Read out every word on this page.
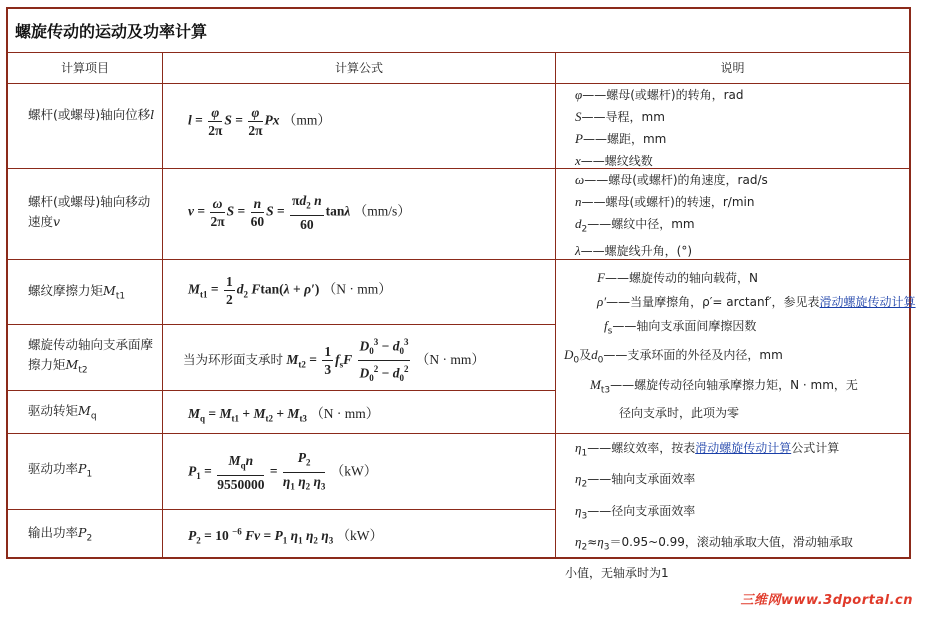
螺旋传动的运动及功率计算
计算项目	计算公式	说明
螺杆(或螺母)轴向位移l
螺杆(或螺母)轴向移动速度v
螺纹摩擦力矩$M_{t1}$
螺旋传动轴向支承面摩擦力矩$M_{t2}$
驱动转矩$M_q$
驱动功率$P_1$
输出功率$P_2$
$l = \frac{\varphi}{2\pi}$ $S = \frac{\varphi}{2\pi}$ Px （mm）
$v = \frac{\omega}{2\pi}$ $S = \frac{n}{60}$ $S = \frac{\pi d_2 n}{60}$ tanλ （mm/s）
$M_{t1} = \frac{1}{2} d_2$ Ftan(λ + ρ′) （N · mm）
当为环形面支承时 $M_{t2} = \frac{1}{3} f_sF \frac{D_0^3 - d_0^3}{D_0^2 - d_0^2} (N \cdot mm)$
$M_q = M_{t1} + M_{t2} + M_{t3}$ （N · mm）
$P_1 = \frac{M_qn}{9550000} = \frac{P_2}{\eta_1 \eta_2 \eta_3} (kW)$
$P_2 = 10$ $^{-6}$ $Fv = P_1$ $\eta_1$ $\eta_2$ $\eta_3$ （kW）
φ——螺母(或螺杆)的转角，rad
S——导程，mm
P——螺距，mm
x——螺纹线数
ω——螺母(或螺杆)的角速度，rad/s
n——螺母(或螺杆)的转速，r/min
$d_2——$螺纹中径，mm
λ——螺旋线升角，(°)
F——螺旋传动的轴向载荷，N
ρ′——当量摩擦角，ρ′= arctanf′，参见表滑动螺旋传动计算
$f_s——$轴向支承面间摩擦因数
$D_0$及$d_0——$支承环面的外径及内径，mm
$M_{t3}——$螺旋传动径向轴承摩擦力矩，N · mm，无
径向支承时，此项为零
$\eta_1——$螺纹效率，按表滑动螺旋传动计算公式计算
$\eta_2——$轴向支承面效率
$\eta_3——$径向支承面效率
$\eta_2\approx\eta_3=0.95\sim 0.99$，滚动轴承取大值，滑动轴承取
小值，无轴承时为1
三维网www.3dportal.cn
